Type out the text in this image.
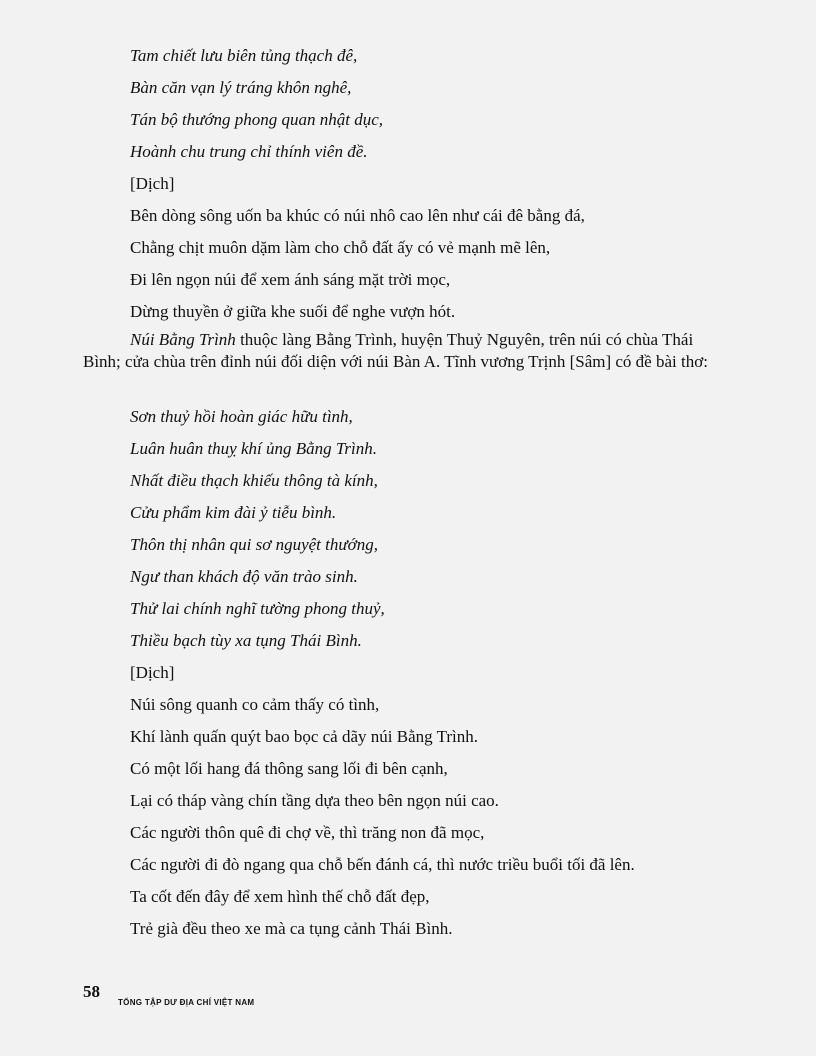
Tam chiết lưu biên tủng thạch đê,
Bàn căn vạn lý tráng khôn nghê,
Tán bộ thướng phong quan nhật dục,
Hoành chu trung chỉ thính viên đề.
[Dịch]
Bên dòng sông uốn ba khúc có núi nhô cao lên như cái đê bằng đá,
Chằng chịt muôn dặm làm cho chỗ đất ấy có vẻ mạnh mẽ lên,
Đi lên ngọn núi để xem ánh sáng mặt trời mọc,
Dừng thuyền ở giữa khe suối để nghe vượn hót.
Núi Bằng Trình thuộc làng Bằng Trình, huyện Thuỷ Nguyên, trên núi có chùa Thái Bình; cửa chùa trên đỉnh núi đối diện với núi Bàn A. Tĩnh vương Trịnh [Sâm] có đề bài thơ:
Sơn thuỷ hồi hoàn giác hữu tình,
Luân huân thuỵ khí ủng Bằng Trình.
Nhất điều thạch khiếu thông tà kính,
Cửu phẩm kim đài ỷ tiễu bình.
Thôn thị nhân qui sơ nguyệt thướng,
Ngư than khách độ văn trào sinh.
Thử lai chính nghĩ tường phong thuỷ,
Thiều bạch tùy xa tụng Thái Bình.
[Dịch]
Núi sông quanh co cảm thấy có tình,
Khí lành quấn quýt bao bọc cả dãy núi Bằng Trình.
Có một lối hang đá thông sang lối đi bên cạnh,
Lại có tháp vàng chín tầng dựa theo bên ngọn núi cao.
Các người thôn quê đi chợ về, thì trăng non đã mọc,
Các người đi đò ngang qua chỗ bến đánh cá, thì nước triều buổi tối đã lên.
Ta cốt đến đây để xem hình thế chỗ đất đẹp,
Trẻ già đều theo xe mà ca tụng cảnh Thái Bình.
58
TỔNG TẬP DƯ ĐỊA CHÍ VIỆT NAM
